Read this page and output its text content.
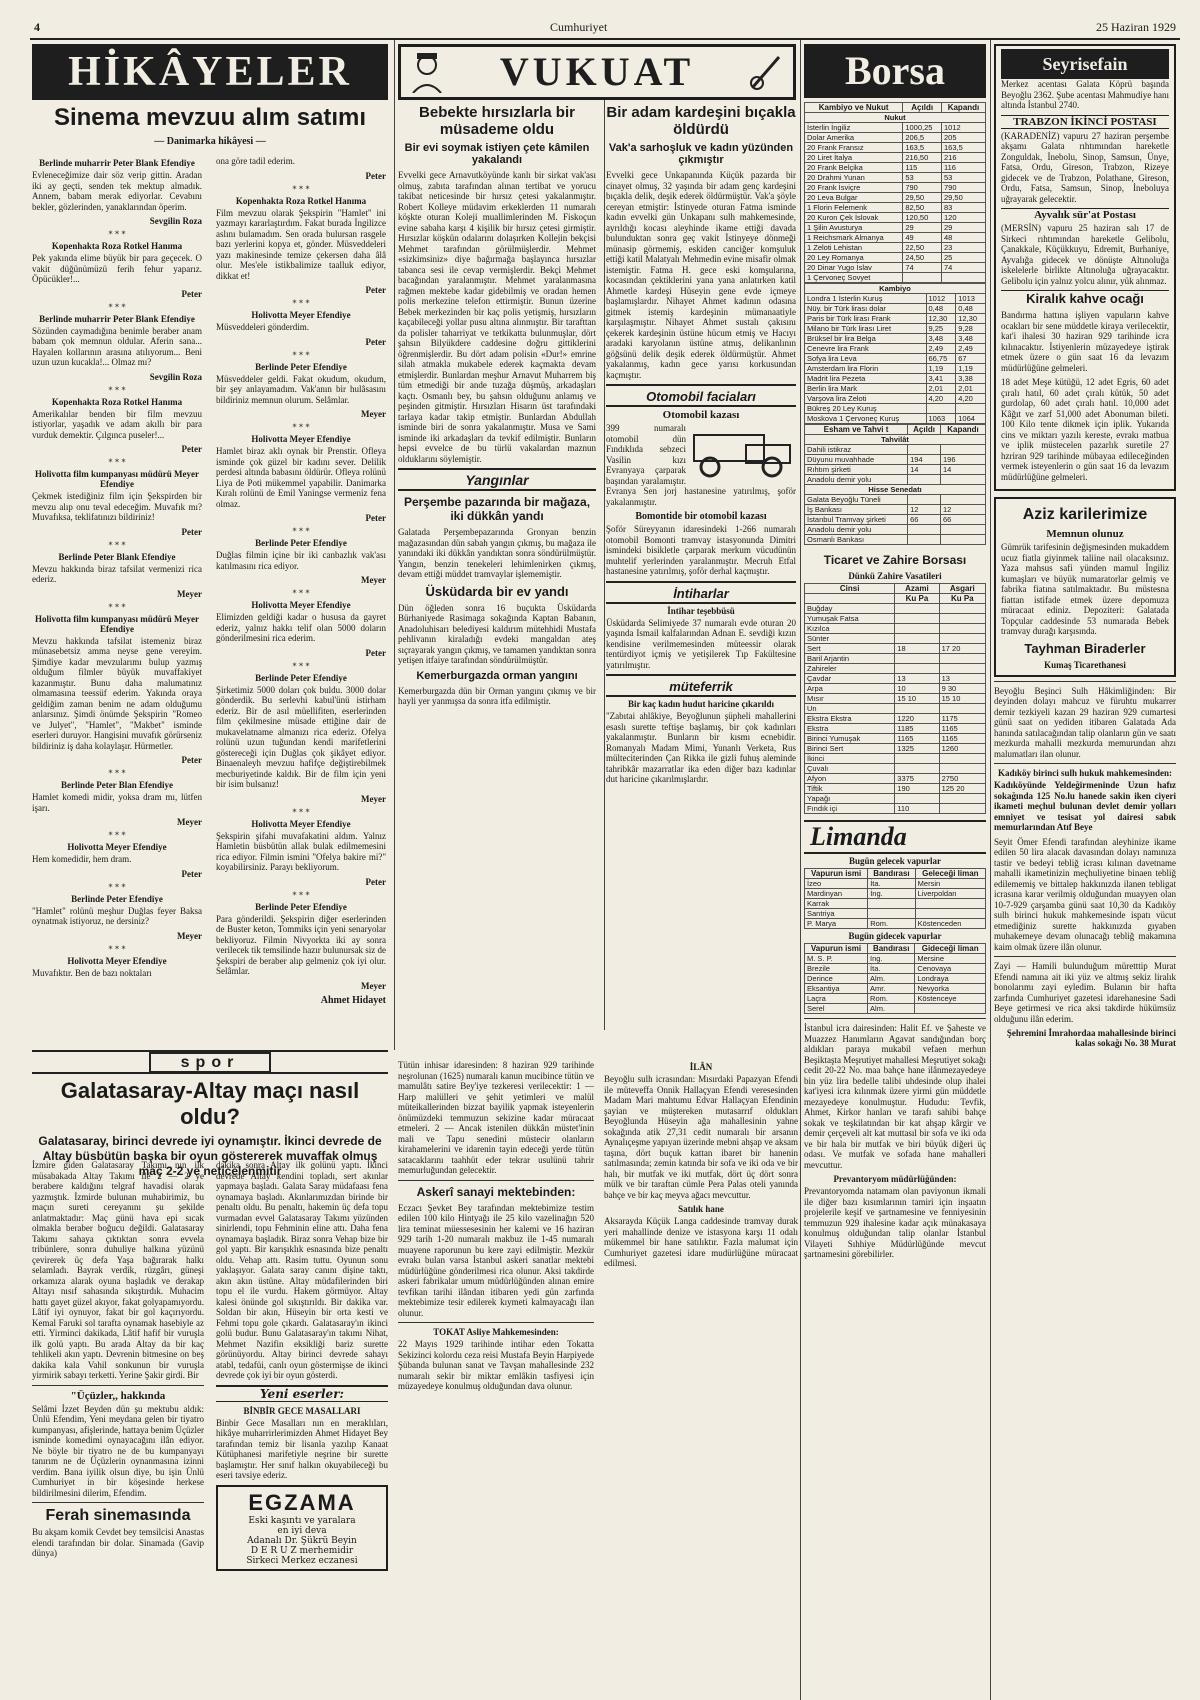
4	Cumhuriyet	25 Haziran 1929
HİKÂYELER
Sinema mevzuu alım satımı
— Danimarka hikâyesi —
Berlinde muharrir Peter Blank Efendiye

Evleneceğimize dair söz verip gittin. Aradan iki ay geçti, senden tek mektup almadık. Annem, babam merak ediyorlar. Cevabını bekler, gözlerinden, yanaklarından öperim.

Sevgilin Roza
* * *
Kopenhakta Roza Rotkel Hanıma

Pek yakında elime büyük bir para geçecek. O vakit düğünümüzü ferih fehur yaparız. Öpücükler!...

Peter
* * *
Berlinde muharrir Peter Blank Efendiye

Sözünden caymadığına benimle beraber anam babam çok memnun oldular. Aferin sana... Hayalen kollarının arasına atılıyorum... Beni uzun uzun kucakla!... Olmaz mı?

Sevgilin Roza
* * *
Kopenhakta Roza Rotkel Hanıma

Amerikalılar benden bir film mevzuu istiyorlar, yaşadık ve adam akıllı bir para vurduk demektir. Çılgınca puseler!...

Peter
* * *
Holivotta film kumpanyası müdürü Meyer Efendiye

Çekmek istediğiniz film için Şekspirden bir mevzu alıp onu teval edeceğim. Muvafık mı? Muvafıksa, teklifatınızı bildiriniz!

Peter
* * *
Berlinde Peter Blank Efendiye

Mevzu hakkında biraz tafsilat vermenizi rica ederiz.

Meyer
* * *
Holivotta film kumpanyası müdürü Meyer Efendiye

Mevzu hakkında tafsilat istemeniz biraz münasebetsiz amma neyse gene vereyim. Şimdiye kadar mevzularımı bulup yazmış olduğum filmler büyük muvaffakiyet kazanmıştır. Bunu daha malumatınız olmamasına teessüf ederim. Yakında oraya geldiğim zaman benim ne adam olduğumu anlarsınız. Şimdi önümde Şekspirin "Romeo ve Julyet", "Hamlet", "Makbet" isminde eserleri duruyor. Hangisini muvafık görürseniz bildiriniz iş daha kolaylaşır. Hürmetler.

Peter
* * *
Berlinde Peter Blan Efendiye

Hamlet komedi midir, yoksa dram mı, lütfen işarı.

Meyer
* * *
Holivotta Meyer Efendiye

Hem komedidir, hem dram.

Peter
* * *
Berlinde Peter Efendiye

"Hamlet" rolünü meşhur Duğlas feyer Baksa oynatmak istiyoruz, ne dersiniz?

Meyer
* * *
Holivotta Meyer Efendiye

Muvafıktır. Ben de bazı noktaları

ona göre tadil ederim.

Peter
* * *
Kopenhakta Roza Rotkel Hanıma

Film mevzuu olarak Şekspirin "Hamlet" ini yazmayı kararlaştırdım. Fakat burada İngilizce aslını bulamadım. Sen orada bulursan rasgele bazı yerlerini kopya et, gönder. Müsveddeleri yazı makinesinde temize çekersen daha âlâ olur. Mes'ele istikbalimize taalluk ediyor, dikkat et!

Peter
* * *
Holivotta Meyer Efendiye

Müsveddeleri gönderdim.

Peter
* * *
Berlinde Peter Efendiye

Müsveddeler geldi. Fakat okudum, okudum, bir şey anlayamadım. Vak'anın bir hulâsasını bildiriniz memnun olurum. Selâmlar.

Meyer
* * *
Holivotta Meyer Efendiye

Hamlet biraz aklı oynak bir Prenstir. Ofleya isminde çok güzel bir kadını sever. Delilik perdesi altında babasını öldürür. Ofleya rolünü Liya de Poti mükemmel yapabilir. Danimarka Kıralı rolünü de Emil Yaningse vermeniz fena olmaz.

Peter
* * *
Berlinde Peter Efendiye

Duğlas filmin içine bir iki canbazlık vak'ası katılmasını rica ediyor.

Meyer
* * *
Holivotta Meyer Efendiye

Elimizden geldiği kadar o hususa da gayret ederiz, yalnız hakkı telif olan 5000 doların gönderilmesini rica ederim.

Peter
* * *
Berlinde Peter Efendiye

Şirketimiz 5000 doları çok buldu. 3000 dolar gönderdik. Bu serlevhi kabul'ünü istirham ederiz. Bir de asıl müellifiten, eserlerinden film çekilmesine müsade ettiğine dair de mukavelatname almanızı rica ederiz. Ofelya rolünü uzun tuğundan kendi marifetlerini göstereceği için Duğlas çok şikâyet ediyor. Binaenaleyh mevzuu hafifçe değiştirebilmek mecburiyetinde kaldık. Bir de film için yeni bir isim bulsanız!

Meyer
* * *
Holivotta Meyer Efendiye

Şekspirin şifahi muvafakatini aldım. Yalnız Hamletin büsbütün allak bulak edilmemesini rica ediyor. Filmin ismini "Ofelya bakire mi?" koyabilirsiniz. Parayı bekliyorum.

Peter
* * *
Berlinde Peter Efendiye

Para gönderildi. Şekspirin diğer eserlerinden de Buster keton, Tommiks için yeni senaryolar bekliyoruz. Filmin Nivyorkta iki ay sonra verilecek tik temsilinde hazır bulunursak siz de Şekspiri de beraber alıp gelmeniz çok iyi olur. Selâmlar.

Meyer
Ahmet Hidayet
spor
Galatasaray-Altay maçı nasıl oldu?
Galatasaray, birinci devrede iyi oynamıştır. İkinci devrede de Altay büsbütün başka bir oyun göstererek muvaffak olmuş maç 2-2 ye neticelenmitir

İzmire giden Galatasaray Takımı nın ilk müsabakada Altay Takımı ile 2 — 2 ye berabere kaldığını telgraf havadisi olarak yazmıştık. İzmirde bulunan muhabirimiz, bu maçın sureti cereyanını şu şekilde anlatmaktadır: Maç günü hava epi sıcak olmakla beraber boğucu değildi. Galatasaray Takımı sahaya çıktıktan sonra evvela tribünlere, sonra duhuliye halkına yüzünü çevirerek üç defa Yaşa bağırarak halkı selamladı. Bayrak verdik, rüzgârı, güneşi orkamıza alarak oyuna başladık ve derakap Altayı nısıf sahasında sıkıştırdık. Muhacim hattı gayet güzel akıyor, fakat golyapamıyordu. Lâtif iyi oynuyor, fakat bir gol kaçırıyordu. Kemal Faruki sol tarafta oynamak hasebiyle az etti. Yirminci dakikada, Lâtif hafif bir vuruşla ilk golü yaptı. Bu arada Altay da bir kaç tehlikeli akın yaptı. Devrenin bitmesine on beş dakika kala Vahil sonkunun bir vuruşla yirmirik sabayı terketti. Yerine Şakir girdi. Bir

"Üçüzler,, hakkında

Selâmi İzzet Beyden dün şu mektubu aldık: Ünlü Efendim, Yeni meydana gelen bir tiyatro kumpanyası, afişlerinde, hattaya benim Üçüzler isminde komedimi oynayacağını ilân ediyor. Ne böyle bir tiyatro ne de bu kumpanyayı tanırım ne de Üçüzlerin oynanmasına izinni verdim. Bana iyilik olsun diye, bu işin Ünlü Cumhuriyet in bir köşesinde herkese bildirilmesini dilerim, Efendim.

Ferah sinemasında

Bu akşam komik Cevdet bey temsilcisi Anastas elendi tarafından bir dolar. Sinamada (Gavip dünya)

dakika sonra Altay ilk golünü yaptı. İkinci devrede Altay kendini topladı, sert akınlar yapmaya başladı. Galata Saray müdafaası fena oynamaya başladı. Akınlarımızdan birinde bir penaltı oldu. Bu penaltı, hakemin üç defa topu vurmadan evvel Galatasaray Takımı yüzünden sinirlendi, topu Fehminin eline attı. Daha fena oynamaya başladık. Biraz sonra Vehap bize bir gol yaptı. Bir karışıklık esnasında bize penaltı oldu. Vehap attı. Rasim tuttu. Oyunun sonu yaklaşıyor. Galata saray canını dişine taktı, akın akın üstüne. Altay müdafilerinden biri topu el ile vurdu. Hakem görmüyor. Altay kalesi önünde gol sıkıştırıldı. Bir dakika var. Soldan bir akın, Hüseyin bir orta kesti ve Fehmi topu gole çıkardı. Galatasaray'ın ikinci golü budur. Bunu Galatasaray'ın takımı Nihat, Mehmet Nazifin eksikliği bariz surette görünüyordu. Altay birinci devrede sahayı atabl, tedafüi, canlı oyun göstermişse de ikinci devrede çok iyi bir oyun gösterdi.

Yeni eserler:
BİNBİR GECE MASALLARI

Binbir Gece Masalları nın en meraklıları, hikâye muharrirlerimizden Ahmet Hidayet Bey tarafından temiz bir lisanla yazılıp Kanaat Kütüphanesi marifetiyle neşrine bir surette başlamıştır. Her sınıf halkın okuyabileceği bu eseri tavsiye ederiz.

EGZAMA
Eski kaşıntı ve yaralara
en iyi deva
Adanalı Dr. Şükrü Beyin
D E R U Z merhemidir
Sirkeci Merkez eczanesi
VUKUAT
Bebekte hırsızlarla bir müsademe oldu
Bir evi soymak istiyen çete kâmilen yakalandı

Evvelki gece Arnavutköyünde kanlı bir sirkat vak'ası olmuş, zabıta tarafından alınan tertibat ve yorucu takibat neticesinde bir hırsız çetesi yakalanmıştır. Robert Kolleye müdavim erkeklerden 11 numaralı köşkte oturan Koleji muallimlerinden M. Fiskoçun evine sabaha karşı 4 kişilik bir hırsız çetesi girmiştir. Hırsızlar köşkün odalarını dolaşırken Kollejin bekçisi Mehmet tarafından görülmüşlerdir. Mehmet «sizkimsiniz» diye bağırmağa başlayınca hırsızlar tabanca sesi ile cevap vermişlerdir. Bekçi Mehmet bacağından yaralanmıştır. Mehmet yaralanmasına rağmen mektebe kadar gidebilmiş ve oradan hemen polis merkezine telefon ettirmiştir. Bunun üzerine Bebek merkezinden bir kaç polis yetişmiş, hırsızların kaçabileceği yollar pusu altına alınmıştır. Bir tarafttan da polisler taharriyat ve tetkikatta bulunmuşlar, dört şahsın Bilyükdere caddesine doğru gittiklerini öğrenmişlerdir. Bu dört adam polisin «Dur!» emrine silah atmakla mukabele ederek kaçmakta devam etmişlerdir. Bunlardan meşhur Arnavut Muharrem biş tüm etmediği bir ande tuzağa düşmüş, arkadaşları kaçtı. Osmanlı bey, bu şahsın olduğunu anlamış ve peşinden gitmiştir. Hırsızları Hisarın üst tarafındaki tarlaya kadar takip etmiştir. Bunlardan Abdullah isminde biri de sonra yakalanmıştır. Musa ve Sami isminde iki arkadaşları da tevkif edilmiştir. Bunların hepsi evvelce de bu türlü vakalardan maznun olduklarını söylemiştir.

Yangınlar
Perşembe pazarında bir mağaza, iki dükkân yandı

Galatada Perşembepazarında Gronyan benzin mağazasından dün sabah yangın çıkmış, bu mağaza ile yanındaki iki dükkân yandıktan sonra söndürülmüştür. Yangın, benzin tenekeleri lehimlenirken çıkmış, devam ettiği müddet tramvaylar işlememiştir.

Üsküdarda bir ev yandı

Dün öğleden sonra 16 buçukta Üsküdarda Bürhaniyede Rasimaga sokağında Kaptan Babanın, Anadoluhisarı belediyesi kaldırım mütehhidi Mustafa pehlivanın kiraladığı evdeki mangaldan ateş sıçrayarak yangın çıkmış, ve tamamen yandıktan sonra yetişen itfaiye tarafından söndürülmüştür.

Kemerburgazda orman yangını

Kemerburgazda dün bir Orman yangını çıkmış ve bir hayli yer yanmışsa da sonra itfa edilmiştir.

Bir adam kardeşini bıçakla öldürdü
Vak'a sarhoşluk ve kadın yüzünden çıkmıştır

Evvelki gece Unkapanında Küçük pazarda bir cinayet olmuş, 32 yaşında bir adam genç kardeşini bıçakla delik, deşik ederek öldürmüştür. Vak'a şöyle cereyan etmiştir: İstinyede oturan Fatma isminde kadın evvelki gün Unkapanı sulh mahkemesinde, ayrıldığı kocası aleyhinde ikame ettiği davada bulunduktan sonra geç vakit İstinyeye dönmeği münasip görmemiş, eskiden canciğer komşuluk ettiği katil Malatyalı Mehmedin evine misafir olmak istemiştir. Fatma H. gece eski komşularına, kocasından çektiklerini yana yana anlatırken katil Ahmetle kardeşi Hüseyin gene evde içmeye başlamışlardır. Nihayet Ahmet kadının odasına gitmek istemiş kardeşinin mümanaatiyle karşılaşmıştır. Nihayet Ahmet sustalı çakısını çekerek kardeşinin üstüne hücum etmiş ve Hacıyı aradaki karyolanın üstüne atmış, delikanlının göğsünü delik deşik ederek öldürmüştür. Ahmet yakalanmış, kadın gece yarısı korkusundan kaçmıştır.

Otomobil faciaları
Otomobil kazası

399 numaralı otomobil dün Fındıklıda sebzeci Vasilin kızı Evranyaya çarparak başından yaralamıştır. Evranya Sen jorj hastanesine yatırılmış, şoför yakalanmıştır.

Bomontide bir otomobil kazası

Şoför Süreyyanın idaresindeki 1-266 numaralı otomobil Bomonti tramvay istasyonunda Dimitri ismindeki bisikletle çarparak merkum vücudünün muhtelif yerlerinden yaralanmıştır. Mecruh Etfal hastanesine yatırılmış, şoför derhal kaçmıştır.

İntiharlar
İntihar teşebbüsü

Üsküdarda Selimiyede 37 numaralı evde oturan 20 yaşında Ismail kalfalarından Adnan E. sevdiği kızın kendisine verilmemesinden müteessir olarak tentürdiyot içmiş ve yetişilerek Tıp Fakültesine yatırılmıştır.

müteferrik
Bir kaç kadın hudut haricine çıkarıldı

"Zabıtai ahlâkiye, Beyoğlunun şüpheli mahallerini esaslı surette teftişe başlamış, bir çok kadınları yakalanmıştır. Bunların bir kısmı ecnebidir. Romanyalı Madam Mimi, Yunanlı Verketa, Rus mülteciterinden Çan Rikka ile gizli fuhuş aleminde tahribkâr mazarratlar ika eden diğer bazı kadınlar dut haricine çıkarılmışlardır.

Tütün inhisar idaresinden: 8 haziran 929 tarihinde neşrolunan (1625) numaralı kanun mucibince tütün ve mamulâtı satire Bey'iye tezkeresi verilecektir: 1 — Harp malülleri ve şehit yetimleri ve malül müteikallerinden bizzat bayilik yapmak isteyenlerin önümüzdeki temmuzun sekizine kadar müracaat etmeleri. 2 — Ancak istenilen dükkân müstet'inin mali ve Tapu senedini müstecir olanların kirahamelerini ve idarenin tayin edeceği yerde tütün satacaklarını taahhüt eder tekrar usulünü tahrir memurluğundan gelecektir.

Askerî sanayi mektebinden:

Eczacı Şevket Bey tarafından mektebimize testim edilen 100 kilo Hintyağı ile 25 kilo vazelinağın 520 lira teminat müessesesinin her kalemi ve 16 haziran 929 tarih 1-20 numaralı makbuz ile 1-45 numaralı muayene raporunun bu kere zayi edilmiştir. Mezkür evrakı bulan varsa İstanbul askeri sanatlar mektebi müdürlüğüne gönderilmesi rica olunur. Aksi takdirde askeri fabrikalar umum müdürlüğünden alınan emire tevfikan tarihi ilândan itibaren yedi gün zarfında mektebimize tesir edilerek kıymeti kalmayacağı ilan olunur.

TOKAT Asliye Mahkemesinden:

22 Mayıs 1929 tarihinde intihar eden Tokatta Sekizinci kolordu ceza reisi Mustafa Beyin Harpiyede Şübanda bulunan sanat ve Tavşan mahallesinde 232 numaralı sekir bir miktar emlâkin tasfiyesi için müzayedeye konulmuş olduğundan dava olunur.

İLÂN

Beyoğlu sulh icrasından: Mısırdaki Papazyan Efendi ile müteveffa Onnik Hallaçyan Efendi veresesinden Madam Mari mahtumu Edvar Hallaçyan Efendinin şayian ve müştereken mutasarrıf oldukları Beyoğlunda Hüseyin ağa mahallesinin yahne sokağında atik 27,31 cedit numaralı bir arsanın Aynalıçeşme yapıyan üzerinde mebni ahşap ve aksam taşına, dört buçuk kattan ibaret bir hanenin satılmasında; zemin katında bir sofa ve iki oda ve bir halı, bir mutfak ve iki mutfak, dört üç dört sonra mülk ve bir taraftan cümle Pera Palas oteli yanında bahçe ve bir kaç meyva ağacı mevcuttur.

Satılık hane

Aksarayda Küçük Langa caddesinde tramvay durak yeri mahallinde denize ve istasyona karşı 11 odalı mükemmel bir hane satılıktır. Fazla malumat için Cumhuriyet gazetesi idare mudürlüğüne müracaat edilmesi.

Borsa
Kambiyo ve Nukut	Açıldı	Kapandı
Nukut		
İsterlin İngiliz	1000,25	1012
Dolar Amerika	206,5	205
20 Frank Fransız	163,5	163,5
20 Liret İtalya	216,50	216
20 Frank Belçika	115	116
20 Drahmi Yunan	53	53
20 Frank İsviçre	790	790
20 Leva Bulgar	29,50	29,50
1 Florin Felemenk	82,50	83
20 Kuron Çek İslovak	120,50	120
1 Şilin Avusturya	29	29
1 Reichsmark Almanya	49	48
1 Zeloti Lehistan	22,50	23
20 Ley Romanya	24,50	25
20 Dinar Yugo İslav	74	74
1 Çervoneç Sovyet		
Kambiyo		
Londra 1 İsterlin Kuruş	1012	1013
Nüy. bir Türk lirası dolar	0,48	0,48
Paris bir Türk lirası Frank	12,30	12,30
Milano bir Türk lirası Liret	9,25	9,28
Brüksel bir lira Belga	3,48	3,48
Cenevre lira Frank	2,49	2,49
Sofya lira Leva	66,75	67
Amsterdam lira Florin	1,19	1,19
Madrit lira Pezeta	3,41	3,38
Berlin lira Mark	2,01	2,01
Varşova lira Zeloti	4,20	4,20
Bükreş 20 Ley Kuruş		
Moskova 1 Çervoneç Kuruş	1063	1064
Esham ve Tahvi t	Açıldı	Kapandı
Tahvilât		
Dahili istikraz		
Düyunu muvahhade	194	196
Rıhtım şirketi	14	14
Anadolu demir yolu		
Hisse Senedatı		
Galata Beyoğlu Tüneli		
İş Bankası	12	12
İstanbul Tramvay şirketi	66	66
Anadolu demir yolu		
Osmanlı Bankası		
Ticaret ve Zahire Borsası
Dünkü Zahire Vasatileri
Cinsi	Azami	Asgari
	Ku Pa	Ku Pa
Buğday		
Yumuşak Fatsa		
Kızılca		
Sünter		
Sert	18	17 20
Baril Arjantin		
Zahireler		
Çavdar	13	13
Arpa	10	9 30
Mısır	15 10	15 10
Un		
Ekstra Ekstra	1220	1175
Ekstra	1185	1165
Birinci Yumuşak	1165	1165
Birinci Sert	1325	1260
İkinci		
Çuvalı		
Afyon	3375	2750
Tiftik	190	125 20
Yapağı		
Fındık içi	110	
Limanda
Bugün gelecek vapurlar
Vapurun ismi	Bandırası	Geleceği liman
İzeo	İta.	Mersin
Mardinyan	İng.	Liverpoldan
Karrak		
Santriya		
P. Marya	Rom.	Köstenceden
Bugün gidecek vapurlar
Vapurun ismi	Bandırası	Gideceği liman
M. S. P.	Ing.	Mersine
Brezile	İta.	Cenovaya
Derince	Alm.	Londraya
Eksantiya	Amr.	Nevyorka
Laçra	Rom.	Köstenceye
Serel	Alm.	

İstanbul icra dairesinden: Halit Ef. ve Şaheste ve Muazzez Hanımların Agavat sandığından borç aldıkları paraya mukabil vefaen merhun Beşiktaşta Meşrutiyet mahallesi Meşrutiyet sokağı cedit 20-22 No. maa bahçe hane ilânmezayedeye bin yüz lira bedelle talibi uhdesinde olup ihalei kat'iyesi icra kılınmak üzere yirmi gün müddetle mezayedeye konulmuştur. Hududu: Tevfik, Ahmet, Kirkor hanları ve tarafı sahibi bahçe sokak ve teşkilatından bir kat ahşap kârgir ve demir çerçeveli alt kat muttasıl bir sofa ve iki oda ve bir hala bir mutfak ve biri büyük diğeri üç odası. Ve mutfak ve sofada hane mahalleri mevcuttur.

Prevantoryom müdürlüğünden:

Prevantoryomda natamam olan paviyonun ikmali ile diğer bazı kısımlarının tamiri için inşaatın projelerile keşif ve şartnamesine ve fenniyesinin temmuzun 929 ihalesine kadar açık münakasaya konulmuş olduğundan talip olanlar İstanbul Vilayeti Sıhhiye Müdürlüğünde mevcut şartnamesini görebilirler.

Seyrisefain

Merkez acentası Galata Köprü başında Beyoğlu 2362. Şube acentası Mahmudiye hanı altında İstanbul 2740.

TRABZON İKİNCİ POSTASI

(KARADENİZ) vapuru 27 haziran perşembe akşamı Galata rıhtımından hareketle Zonguldak, İnebolu, Sinop, Samsun, Ünye, Fatsa, Ordu, Gireson, Trabzon, Rizeye gidecek ve de Trabzon, Polathane, Gireson, Ordu, Fatsa, Samsun, Sinop, İneboluya uğrayarak gelecektir.

Ayvalık sür'at Postası

(MERSİN) vapuru 25 haziran salı 17 de Sirkeci rıhtımından hareketle Gelibolu, Çanakkale, Küçükkuyu, Edremit, Burhaniye, Ayvalığa gidecek ve dönüşte Altınoluğa iskelelerle birlikte Altınoluğa uğrayacaktır. Gelibolu için yalnız yolcu alınır, yük alınmaz.

Kiralık kahve ocağı

Bandırma hattına işliyen vapuların kahve ocakları bir sene müddetle kiraya verilecektir, kat'i ihalesi 30 haziran 929 tarihinde icra kılınacaktır. İstiyenlerin müzayedeye iştirak etmek üzere o gün saat 16 da levazım müdürlüğüne gelmeleri.

18 adet Meşe kütüğü, 12 adet Egris, 60 adet çıralı hatıl, 60 adet çıralı kütük, 50 adet gurdolap, 60 adet çıralı hatıl. 10,000 adet Kâğıt ve zarf 51,000 adet Abonuman bileti. 100 Kilo tente dikmek için iplik. Yukarıda cins ve miktarı yazılı kereste, evrakı matbua ve iplik müstecelen pazarlık suretile 27 hzriran 929 tarihinde mübayaa edileceğinden vermek isteyenlerin o gün saat 16 da levazım müdürlüğüne gelmeleri.

Aziz karilerimize
Memnun olunuz

Gümrük tarifesinin değişmesinden mukaddem ucuz fiatla giyinmek taliine nail olacaksınız. Yaza mahsus safi yünden mamul İngiliz kumaşları ve büyük numaratorlar gelmiş ve fabrika fiatına satılmaktadır. Bu müstesna fiattan istifade etmek üzere depomuza müracaat ediniz. Depoziteri: Galatada Topçular caddesinde 53 numarada Bebek tramvay durağı karşısında.

Tayhman Biraderler
Kumaş Ticarethanesi

Beyoğlu Beşinci Sulh Hâkimliğinden: Bir deyinden dolayı mahcuz ve füruhtu mukarrer demir tezkiyeli kazan 29 haziran 929 cumartesi günü saat on yediden itibaren Galatada Ada hanında satılacağından talip olanların gün ve saatı mezkurda mahalli mezkurda memurundan ahzı malumatları ilan olunur.

Kadıköy birinci sulh hukuk mahkemesinden:

Kadıköyünde Yeldeğirmeninde Uzun hafız sokağında 125 No.lu hanede sakin iken ciyeri ikameti meçhul bulunan devlet demir yolları emniyet ve tesisat yol dairesi sabık memurlarından Atıf Beye

Seyit Ömer Efendi tarafından aleyhinize ikame edilen 50 lira alacak davasından dolayı namınıza tastir ve bedeyi tebliğ icrası kılınan davetname mahalli ikametinizin meçhuliyetine binaen tebliğ edilememiş ve bittalep hakkınızda ilanen tebligat icrasına karar verilmiş olduğundan muayyen olan 10-7-929 çarşamba günü saat 10,30 da Kadıköy sulh birinci hukuk mahkemesinde ispatı vücut etmediğiniz surette hakkınızda gıyaben muhakemeye devam olunacağı tebliğ makamına kaim olmak üzere ilân olunur.

Zayi — Hamili bulunduğum müretttip Murat Efendi namına ait iki yüz ve altmış sekiz liralık bonolarımı zayi eyledim. Bulanın bir hafta zarfında Cumhuriyet gazetesi idarehanesine Sadi Beye getirmesi ve rica aksi takdirde hükümsüz olduğunu ilân ederim.

Şehremini İmrahordaa mahallesinde birinci kalas sokağı No. 38 Murat
